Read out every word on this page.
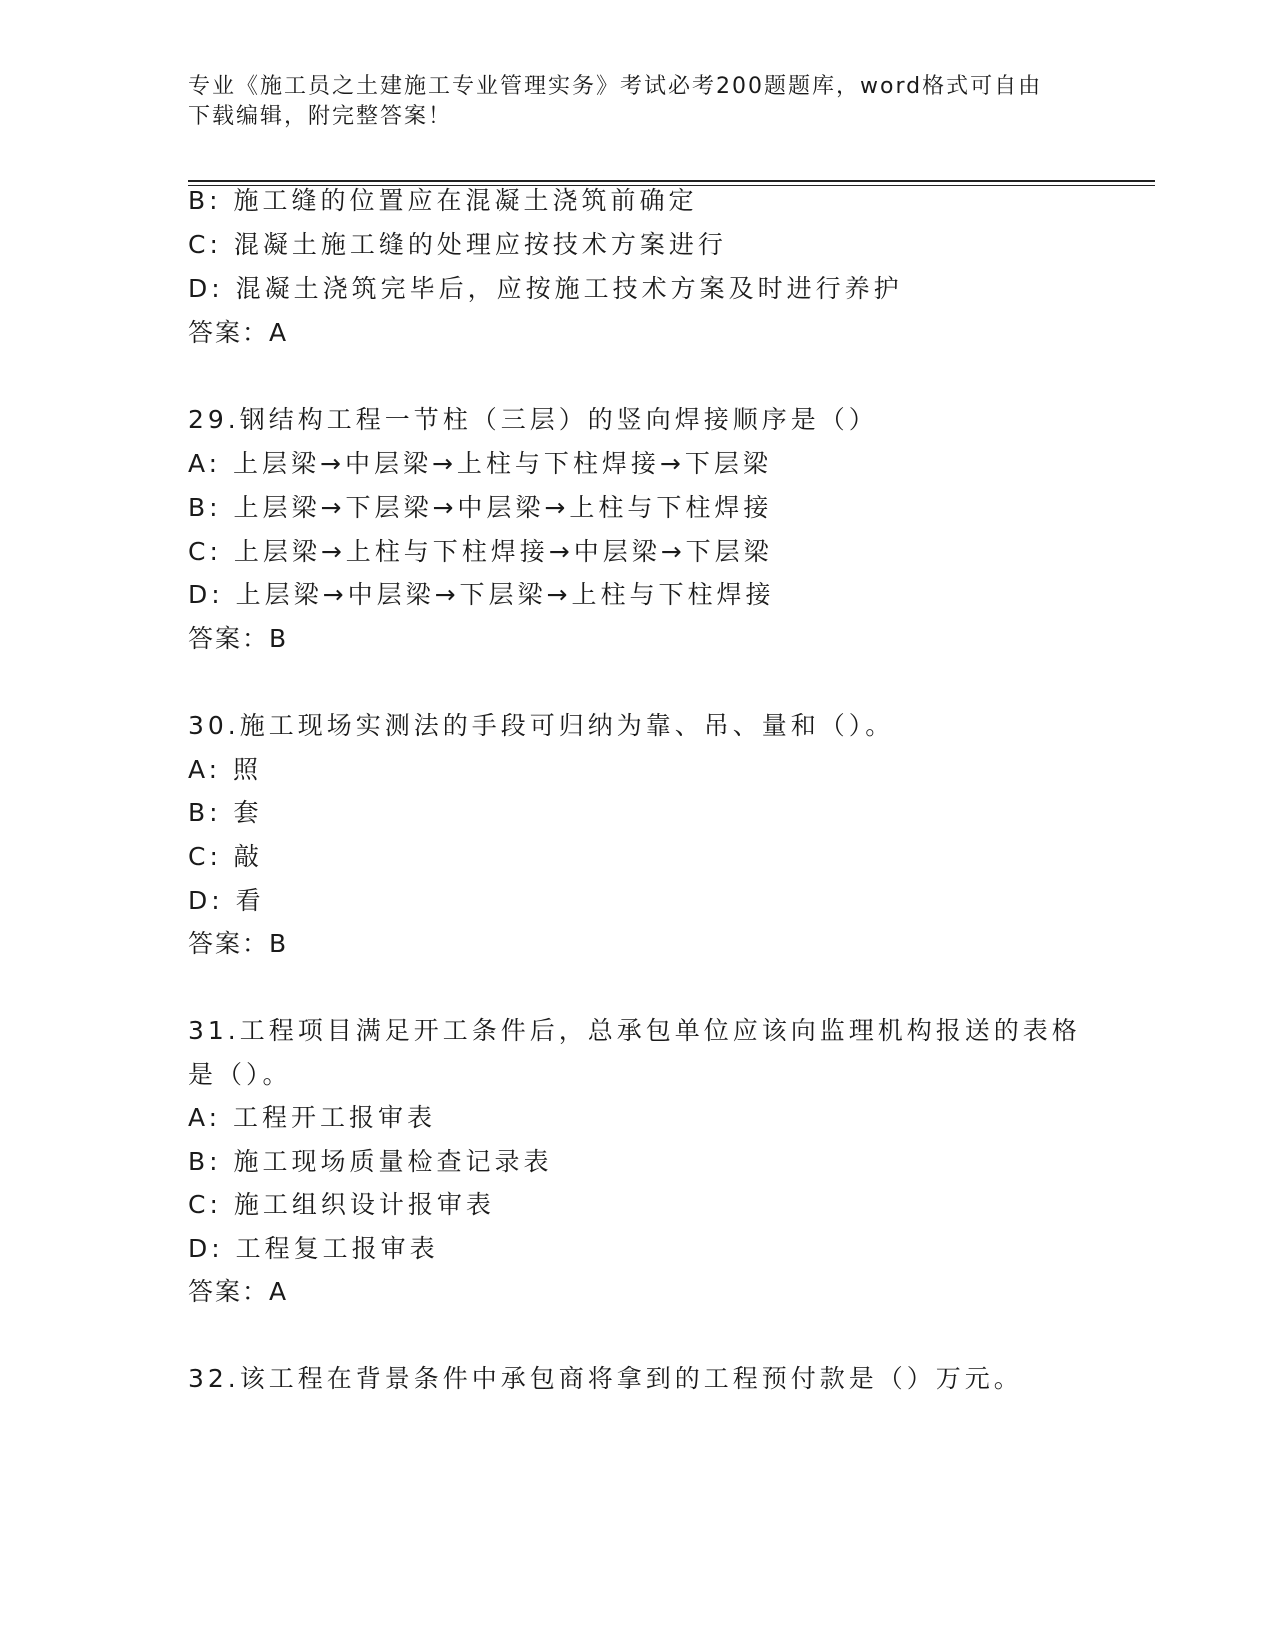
专业《施工员之土建施工专业管理实务》考试必考200题题库，word格式可自由
下载编辑，附完整答案！
B: 施工缝的位置应在混凝土浇筑前确定
C: 混凝土施工缝的处理应按技术方案进行
D: 混凝土浇筑完毕后，应按施工技术方案及时进行养护
答案：A
29.钢结构工程一节柱（三层）的竖向焊接顺序是（）
A: 上层梁→中层梁→上柱与下柱焊接→下层梁
B: 上层梁→下层梁→中层梁→上柱与下柱焊接
C: 上层梁→上柱与下柱焊接→中层梁→下层梁
D: 上层梁→中层梁→下层梁→上柱与下柱焊接
答案：B
30.施工现场实测法的手段可归纳为靠、吊、量和（）。
A: 照
B: 套
C: 敲
D: 看
答案：B
31.工程项目满足开工条件后，总承包单位应该向监理机构报送的表格
是（）。
A: 工程开工报审表
B: 施工现场质量检查记录表
C: 施工组织设计报审表
D: 工程复工报审表
答案：A
32.该工程在背景条件中承包商将拿到的工程预付款是（）万元。
